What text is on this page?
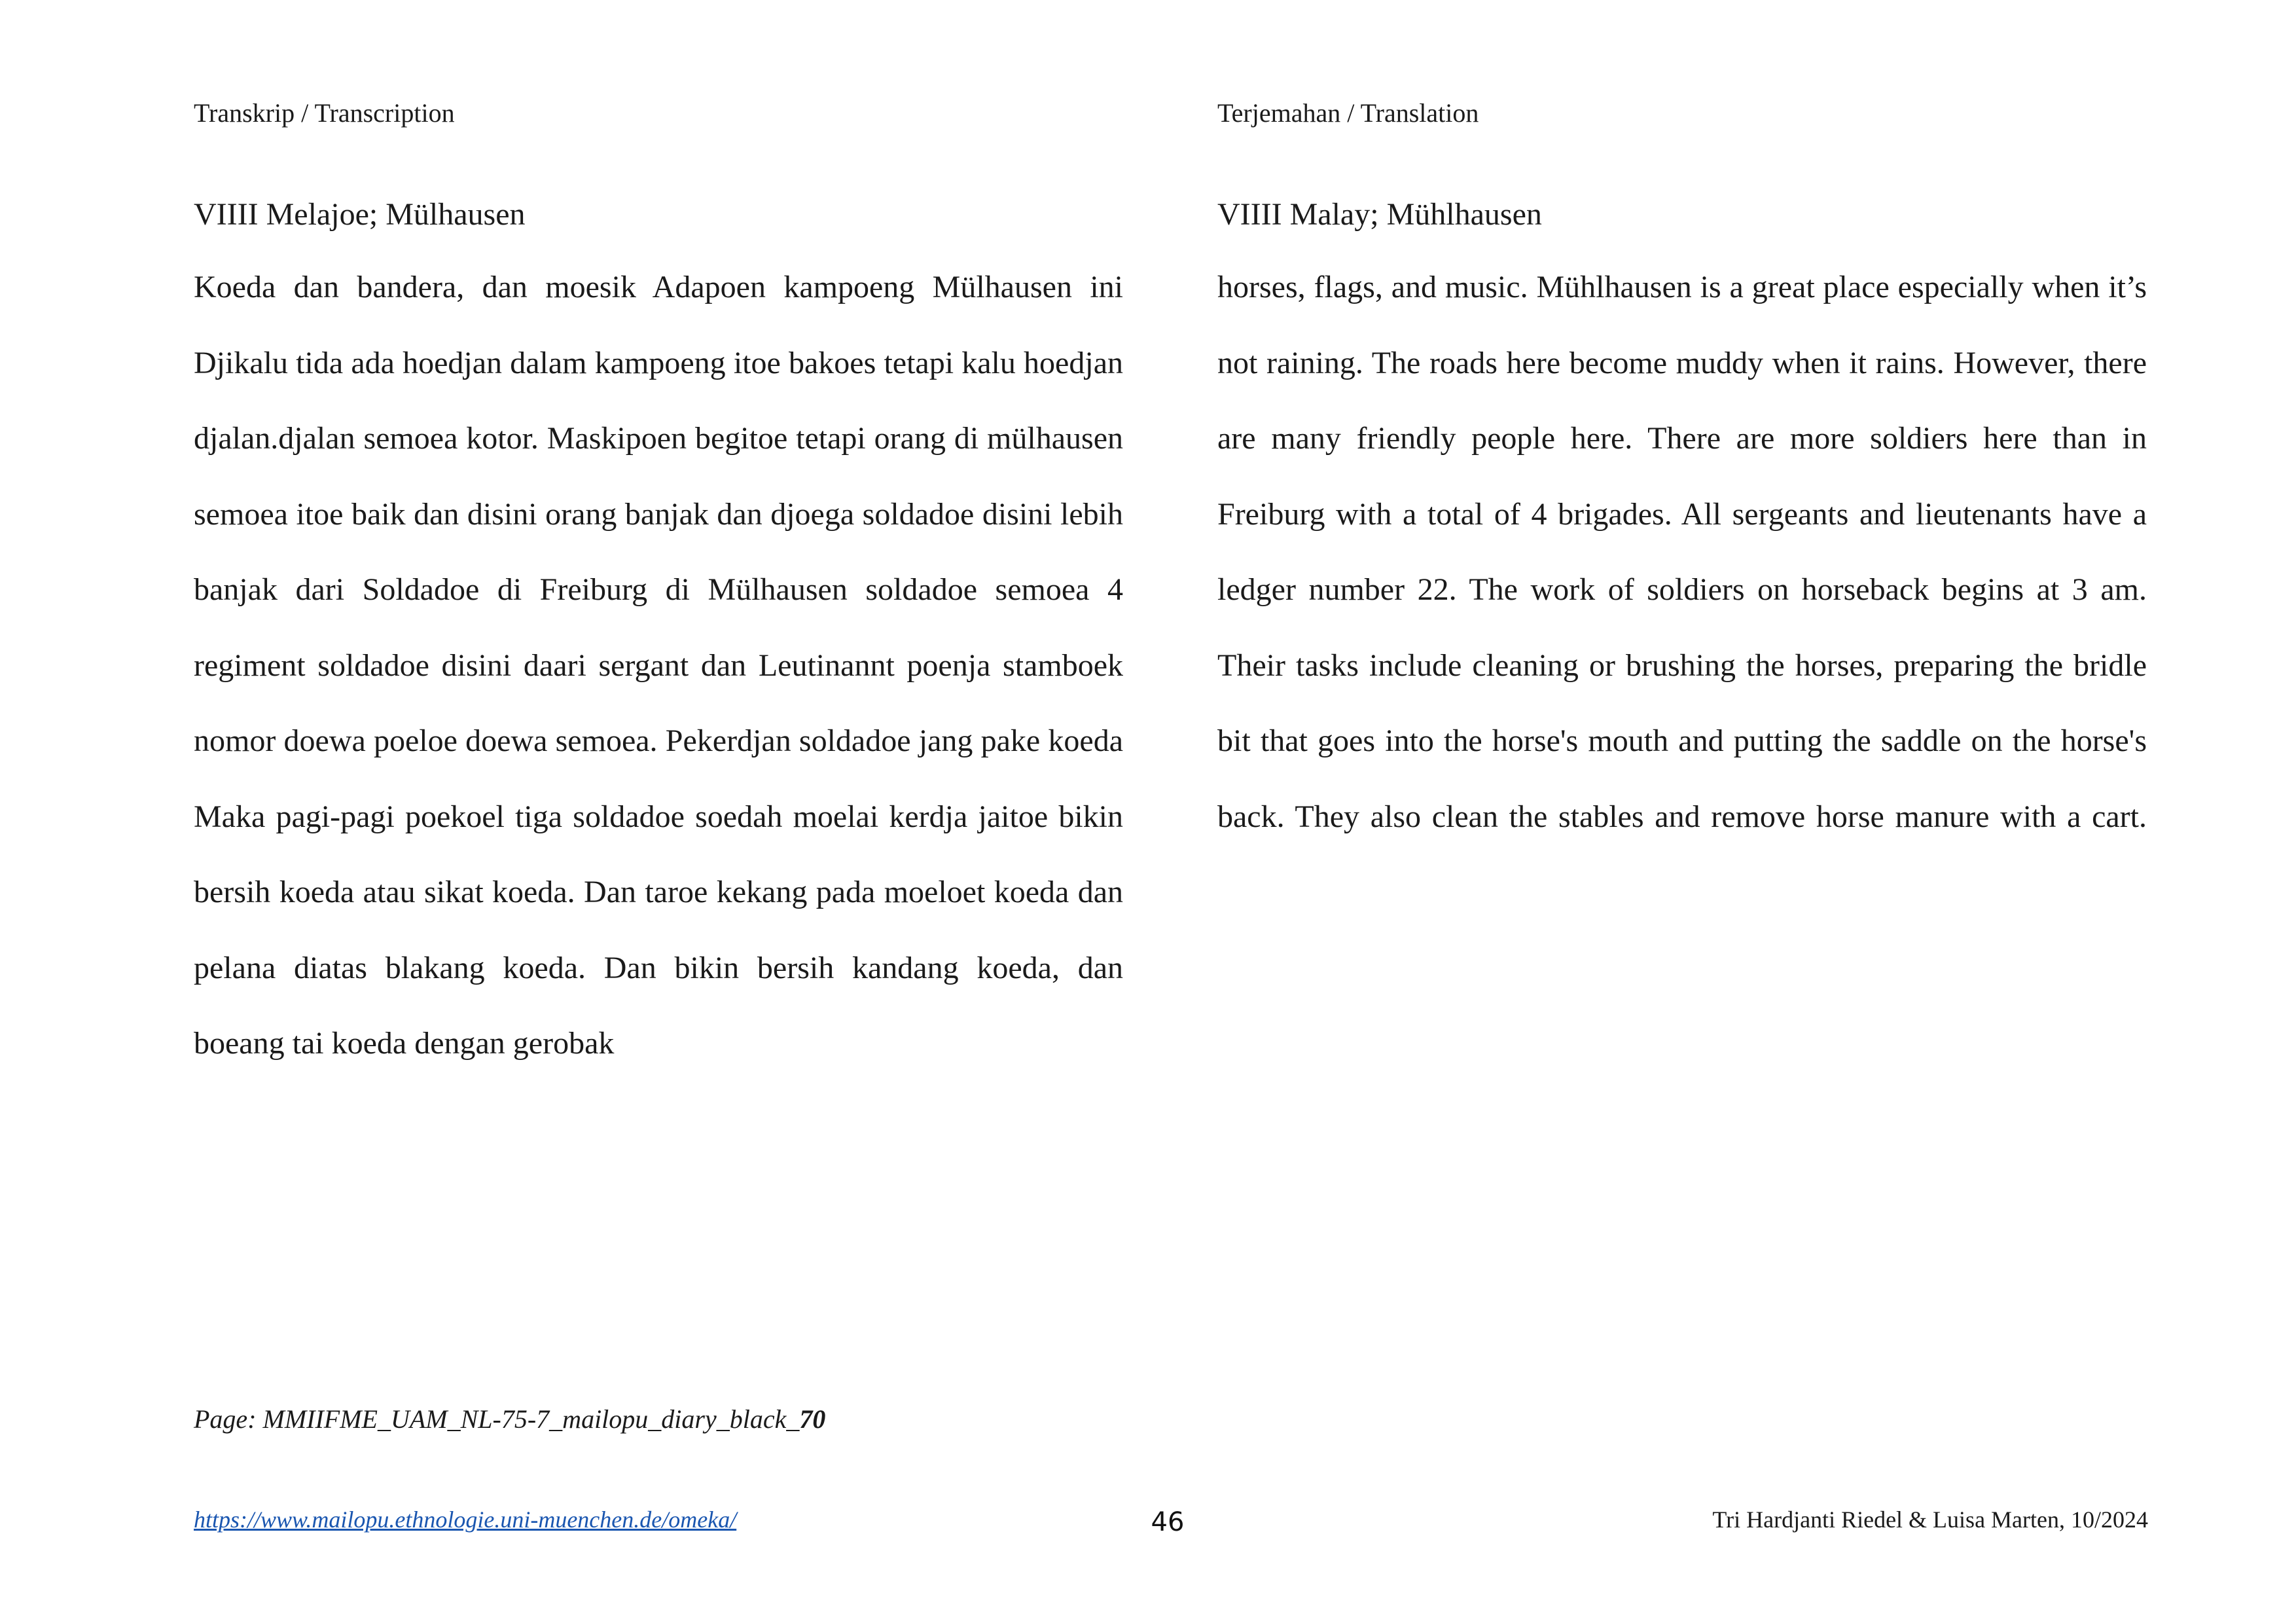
Transkrip / Transcription
VIIII Melajoe; Mülhausen

Koeda dan bandera, dan moesik Adapoen kampoeng Mülhausen ini Djikalu tida ada hoedjan dalam kampoeng itoe bakoes tetapi kalu hoedjan djalan.djalan semoea kotor. Maskipoen begitoe tetapi orang di mülhausen semoea itoe baik dan disini orang banjak dan djoega soldadoe disini lebih banjak dari Soldadoe di Freiburg di Mülhausen soldadoe semoea 4 regiment soldadoe disini daari sergant dan Leutinannt poenja stamboek nomor doewa poeloe doewa semoea. Pekerdjan soldadoe jang pake koeda Maka pagi-pagi poekoel tiga soldadoe soedah moelai kerdja jaitoe bikin bersih koeda atau sikat koeda. Dan taroe kekang pada moeloet koeda dan pelana diatas blakang koeda. Dan bikin bersih kandang koeda, dan boeang tai koeda dengan gerobak

Terjemahan / Translation
VIIII Malay; Mühlhausen

horses, flags, and music. Mühlhausen is a great place especially when it’s not raining. The roads here become muddy when it rains. However, there are many friendly people here. There are more soldiers here than in Freiburg with a total of 4 brigades. All sergeants and lieutenants have a ledger number 22. The work of soldiers on horseback begins at 3 am. Their tasks include cleaning or brushing the horses, preparing the bridle bit that goes into the horse's mouth and putting the saddle on the horse's back. They also clean the stables and remove horse manure with a cart.

Page: MMIIFME_UAM_NL-75-7_mailopu_diary_black_70
https://www.mailopu.ethnologie.uni-muenchen.de/omeka/	46	Tri Hardjanti Riedel & Luisa Marten, 10/2024
